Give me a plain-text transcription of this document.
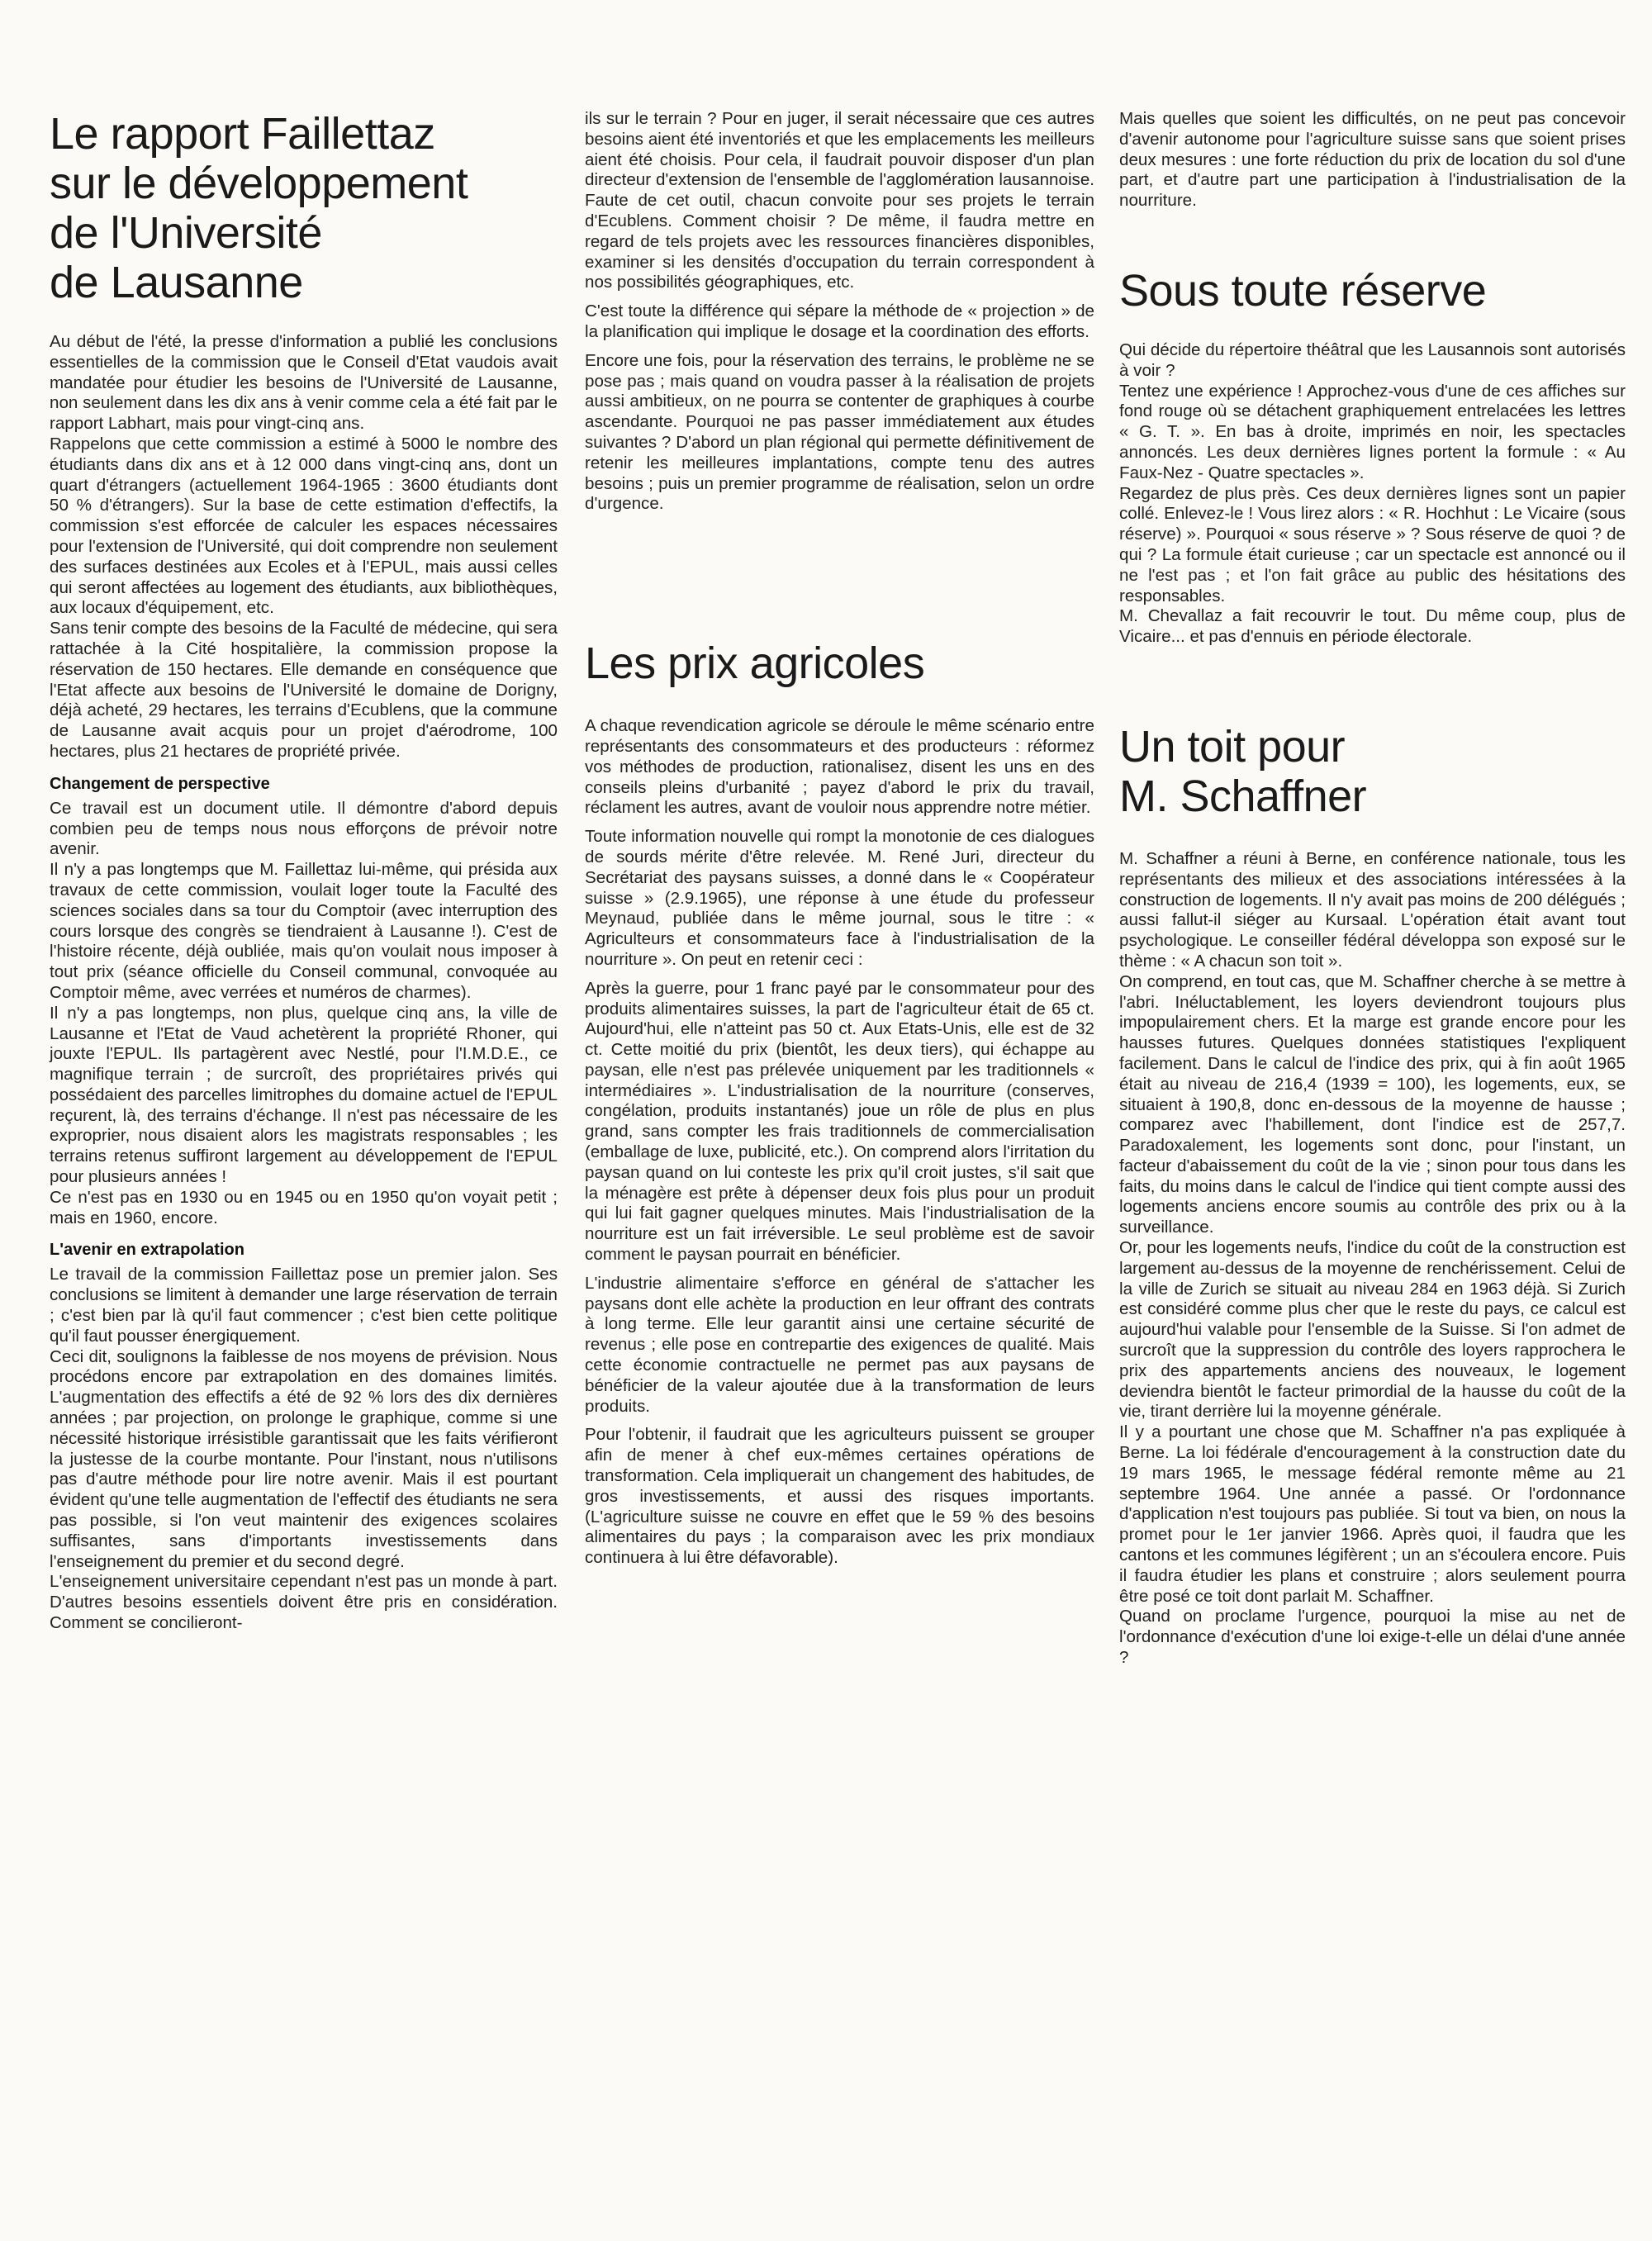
Le rapport Faillettaz
sur le développement
de l'Université
de Lausanne

Au début de l'été, la presse d'information a publié les conclusions essentielles de la commission que le Conseil d'Etat vaudois avait mandatée pour étudier les besoins de l'Université de Lausanne, non seulement dans les dix ans à venir comme cela a été fait par le rapport Labhart, mais pour vingt-cinq ans.

Rappelons que cette commission a estimé à 5000 le nombre des étudiants dans dix ans et à 12 000 dans vingt-cinq ans, dont un quart d'étrangers (actuellement 1964-1965 : 3600 étudiants dont 50 % d'étrangers). Sur la base de cette estimation d'effectifs, la commission s'est efforcée de calculer les espaces nécessaires pour l'extension de l'Université, qui doit comprendre non seulement des surfaces destinées aux Ecoles et à l'EPUL, mais aussi celles qui seront affectées au logement des étudiants, aux bibliothèques, aux locaux d'équipement, etc.

Sans tenir compte des besoins de la Faculté de médecine, qui sera rattachée à la Cité hospitalière, la commission propose la réservation de 150 hectares. Elle demande en conséquence que l'Etat affecte aux besoins de l'Université le domaine de Dorigny, déjà acheté, 29 hectares, les terrains d'Ecublens, que la commune de Lausanne avait acquis pour un projet d'aérodrome, 100 hectares, plus 21 hectares de propriété privée.

Changement de perspective

Ce travail est un document utile. Il démontre d'abord depuis combien peu de temps nous nous efforçons de prévoir notre avenir.

Il n'y a pas longtemps que M. Faillettaz lui-même, qui présida aux travaux de cette commission, voulait loger toute la Faculté des sciences sociales dans sa tour du Comptoir (avec interruption des cours lorsque des congrès se tiendraient à Lausanne !). C'est de l'histoire récente, déjà oubliée, mais qu'on voulait nous imposer à tout prix (séance officielle du Conseil communal, convoquée au Comptoir même, avec verrées et numéros de charmes).

Il n'y a pas longtemps, non plus, quelque cinq ans, la ville de Lausanne et l'Etat de Vaud achetèrent la propriété Rhoner, qui jouxte l'EPUL. Ils partagèrent avec Nestlé, pour l'I.M.D.E., ce magnifique terrain ; de surcroît, des propriétaires privés qui possédaient des parcelles limitrophes du domaine actuel de l'EPUL reçurent, là, des terrains d'échange. Il n'est pas nécessaire de les exproprier, nous disaient alors les magistrats responsables ; les terrains retenus suffiront largement au développement de l'EPUL pour plusieurs années !

Ce n'est pas en 1930 ou en 1945 ou en 1950 qu'on voyait petit ; mais en 1960, encore.

L'avenir en extrapolation

Le travail de la commission Faillettaz pose un premier jalon. Ses conclusions se limitent à demander une large réservation de terrain ; c'est bien par là qu'il faut commencer ; c'est bien cette politique qu'il faut pousser énergiquement.

Ceci dit, soulignons la faiblesse de nos moyens de prévision. Nous procédons encore par extrapolation en des domaines limités. L'augmentation des effectifs a été de 92 % lors des dix dernières années ; par projection, on prolonge le graphique, comme si une nécessité historique irrésistible garantissait que les faits vérifieront la justesse de la courbe montante. Pour l'instant, nous n'utilisons pas d'autre méthode pour lire notre avenir. Mais il est pourtant évident qu'une telle augmentation de l'effectif des étudiants ne sera pas possible, si l'on veut maintenir des exigences scolaires suffisantes, sans d'importants investissements dans l'enseignement du premier et du second degré.

L'enseignement universitaire cependant n'est pas un monde à part. D'autres besoins essentiels doivent être pris en considération. Comment se concilieront-

ils sur le terrain ? Pour en juger, il serait nécessaire que ces autres besoins aient été inventoriés et que les emplacements les meilleurs aient été choisis. Pour cela, il faudrait pouvoir disposer d'un plan directeur d'extension de l'ensemble de l'agglomération lausannoise. Faute de cet outil, chacun convoite pour ses projets le terrain d'Ecublens. Comment choisir ? De même, il faudra mettre en regard de tels projets avec les ressources financières disponibles, examiner si les densités d'occupation du terrain correspondent à nos possibilités géographiques, etc.

C'est toute la différence qui sépare la méthode de « projection » de la planification qui implique le dosage et la coordination des efforts.

Encore une fois, pour la réservation des terrains, le problème ne se pose pas ; mais quand on voudra passer à la réalisation de projets aussi ambitieux, on ne pourra se contenter de graphiques à courbe ascendante. Pourquoi ne pas passer immédiatement aux études suivantes ? D'abord un plan régional qui permette définitivement de retenir les meilleures implantations, compte tenu des autres besoins ; puis un premier programme de réalisation, selon un ordre d'urgence.

Les prix agricoles

A chaque revendication agricole se déroule le même scénario entre représentants des consommateurs et des producteurs : réformez vos méthodes de production, rationalisez, disent les uns en des conseils pleins d'urbanité ; payez d'abord le prix du travail, réclament les autres, avant de vouloir nous apprendre notre métier.

Toute information nouvelle qui rompt la monotonie de ces dialogues de sourds mérite d'être relevée. M. René Juri, directeur du Secrétariat des paysans suisses, a donné dans le « Coopérateur suisse » (2.9.1965), une réponse à une étude du professeur Meynaud, publiée dans le même journal, sous le titre : « Agriculteurs et consommateurs face à l'industrialisation de la nourriture ». On peut en retenir ceci :

Après la guerre, pour 1 franc payé par le consommateur pour des produits alimentaires suisses, la part de l'agriculteur était de 65 ct. Aujourd'hui, elle n'atteint pas 50 ct. Aux Etats-Unis, elle est de 32 ct. Cette moitié du prix (bientôt, les deux tiers), qui échappe au paysan, elle n'est pas prélevée uniquement par les traditionnels « intermédiaires ». L'industrialisation de la nourriture (conserves, congélation, produits instantanés) joue un rôle de plus en plus grand, sans compter les frais traditionnels de commercialisation (emballage de luxe, publicité, etc.). On comprend alors l'irritation du paysan quand on lui conteste les prix qu'il croit justes, s'il sait que la ménagère est prête à dépenser deux fois plus pour un produit qui lui fait gagner quelques minutes. Mais l'industrialisation de la nourriture est un fait irréversible. Le seul problème est de savoir comment le paysan pourrait en bénéficier.

L'industrie alimentaire s'efforce en général de s'attacher les paysans dont elle achète la production en leur offrant des contrats à long terme. Elle leur garantit ainsi une certaine sécurité de revenus ; elle pose en contrepartie des exigences de qualité. Mais cette économie contractuelle ne permet pas aux paysans de bénéficier de la valeur ajoutée due à la transformation de leurs produits.

Pour l'obtenir, il faudrait que les agriculteurs puissent se grouper afin de mener à chef eux-mêmes certaines opérations de transformation. Cela impliquerait un changement des habitudes, de gros investissements, et aussi des risques importants. (L'agriculture suisse ne couvre en effet que le 59 % des besoins alimentaires du pays ; la comparaison avec les prix mondiaux continuera à lui être défavorable).

Mais quelles que soient les difficultés, on ne peut pas concevoir d'avenir autonome pour l'agriculture suisse sans que soient prises deux mesures : une forte réduction du prix de location du sol d'une part, et d'autre part une participation à l'industrialisation de la nourriture.

Sous toute réserve

Qui décide du répertoire théâtral que les Lausannois sont autorisés à voir ?

Tentez une expérience ! Approchez-vous d'une de ces affiches sur fond rouge où se détachent graphiquement entrelacées les lettres « G. T. ». En bas à droite, imprimés en noir, les spectacles annoncés. Les deux dernières lignes portent la formule : « Au Faux-Nez - Quatre spectacles ».

Regardez de plus près. Ces deux dernières lignes sont un papier collé. Enlevez-le ! Vous lirez alors : « R. Hochhut : Le Vicaire (sous réserve) ». Pourquoi « sous réserve » ? Sous réserve de quoi ? de qui ? La formule était curieuse ; car un spectacle est annoncé ou il ne l'est pas ; et l'on fait grâce au public des hésitations des responsables.

M. Chevallaz a fait recouvrir le tout. Du même coup, plus de Vicaire... et pas d'ennuis en période électorale.

Un toit pour
M. Schaffner

M. Schaffner a réuni à Berne, en conférence nationale, tous les représentants des milieux et des associations intéressées à la construction de logements. Il n'y avait pas moins de 200 délégués ; aussi fallut-il siéger au Kursaal. L'opération était avant tout psychologique. Le conseiller fédéral développa son exposé sur le thème : « A chacun son toit ».

On comprend, en tout cas, que M. Schaffner cherche à se mettre à l'abri. Inéluctablement, les loyers deviendront toujours plus impopulairement chers. Et la marge est grande encore pour les hausses futures. Quelques données statistiques l'expliquent facilement. Dans le calcul de l'indice des prix, qui à fin août 1965 était au niveau de 216,4 (1939 = 100), les logements, eux, se situaient à 190,8, donc en-dessous de la moyenne de hausse ; comparez avec l'habillement, dont l'indice est de 257,7. Paradoxalement, les logements sont donc, pour l'instant, un facteur d'abaissement du coût de la vie ; sinon pour tous dans les faits, du moins dans le calcul de l'indice qui tient compte aussi des logements anciens encore soumis au contrôle des prix ou à la surveillance.

Or, pour les logements neufs, l'indice du coût de la construction est largement au-dessus de la moyenne de renchérissement. Celui de la ville de Zurich se situait au niveau 284 en 1963 déjà. Si Zurich est considéré comme plus cher que le reste du pays, ce calcul est aujourd'hui valable pour l'ensemble de la Suisse. Si l'on admet de surcroît que la suppression du contrôle des loyers rapprochera le prix des appartements anciens des nouveaux, le logement deviendra bientôt le facteur primordial de la hausse du coût de la vie, tirant derrière lui la moyenne générale.

Il y a pourtant une chose que M. Schaffner n'a pas expliquée à Berne. La loi fédérale d'encouragement à la construction date du 19 mars 1965, le message fédéral remonte même au 21 septembre 1964. Une année a passé. Or l'ordonnance d'application n'est toujours pas publiée. Si tout va bien, on nous la promet pour le 1er janvier 1966. Après quoi, il faudra que les cantons et les communes légifèrent ; un an s'écoulera encore. Puis il faudra étudier les plans et construire ; alors seulement pourra être posé ce toit dont parlait M. Schaffner.

Quand on proclame l'urgence, pourquoi la mise au net de l'ordonnance d'exécution d'une loi exige-t-elle un délai d'une année ?
